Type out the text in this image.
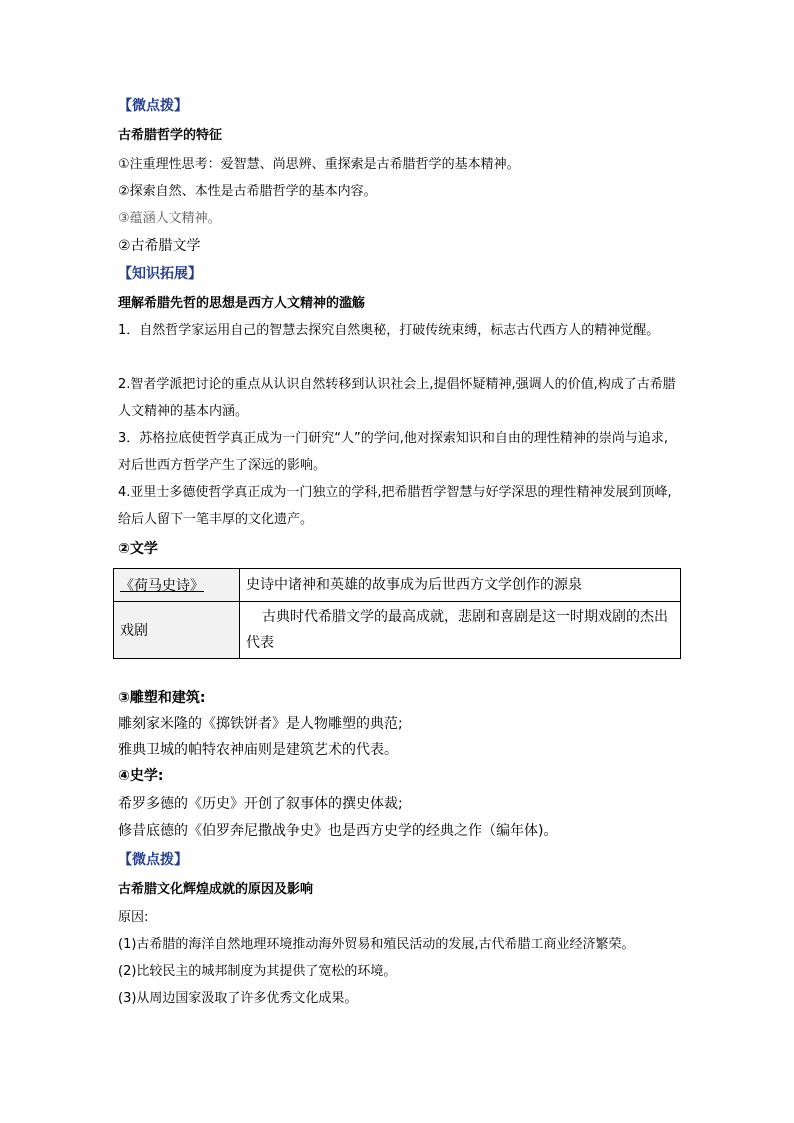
【微点拨】
古希腊哲学的特征
①注重理性思考：爱智慧、尚思辨、重探索是古希腊哲学的基本精神。
②探索自然、本性是古希腊哲学的基本内容。
③蕴涵人文精神。
②古希腊文学
【知识拓展】
理解希腊先哲的思想是西方人文精神的滥觞
1．自然哲学家运用自己的智慧去探究自然奥秘，打破传统束缚，标志古代西方人的精神觉醒。
2.智者学派把讨论的重点从认识自然转移到认识社会上,提倡怀疑精神,强调人的价值,构成了古希腊人文精神的基本内涵。
3．苏格拉底使哲学真正成为一门研究“人”的学问,他对探索知识和自由的理性精神的崇尚与追求,对后世西方哲学产生了深远的影响。
4.亚里士多德使哲学真正成为一门独立的学科,把希腊哲学智慧与好学深思的理性精神发展到顶峰,给后人留下一笔丰厚的文化遗产。
②文学
《荷马史诗》	史诗中诸神和英雄的故事成为后世西方文学创作的源泉
戏剧	古典时代希腊文学的最高成就，悲剧和喜剧是这一时期戏剧的杰出代表
③雕塑和建筑:
雕刻家米隆的《掷铁饼者》是人物雕塑的典范;
雅典卫城的帕特农神庙则是建筑艺术的代表。
④史学:
希罗多德的《历史》开创了叙事体的撰史体裁;
修昔底德的《伯罗奔尼撒战争史》也是西方史学的经典之作（编年体)。
【微点拨】
古希腊文化辉煌成就的原因及影响
原因:
(1)古希腊的海洋自然地理环境推动海外贸易和殖民活动的发展,古代希腊工商业经济繁荣。
(2)比较民主的城邦制度为其提供了宽松的环境。
(3)从周边国家汲取了许多优秀文化成果。
